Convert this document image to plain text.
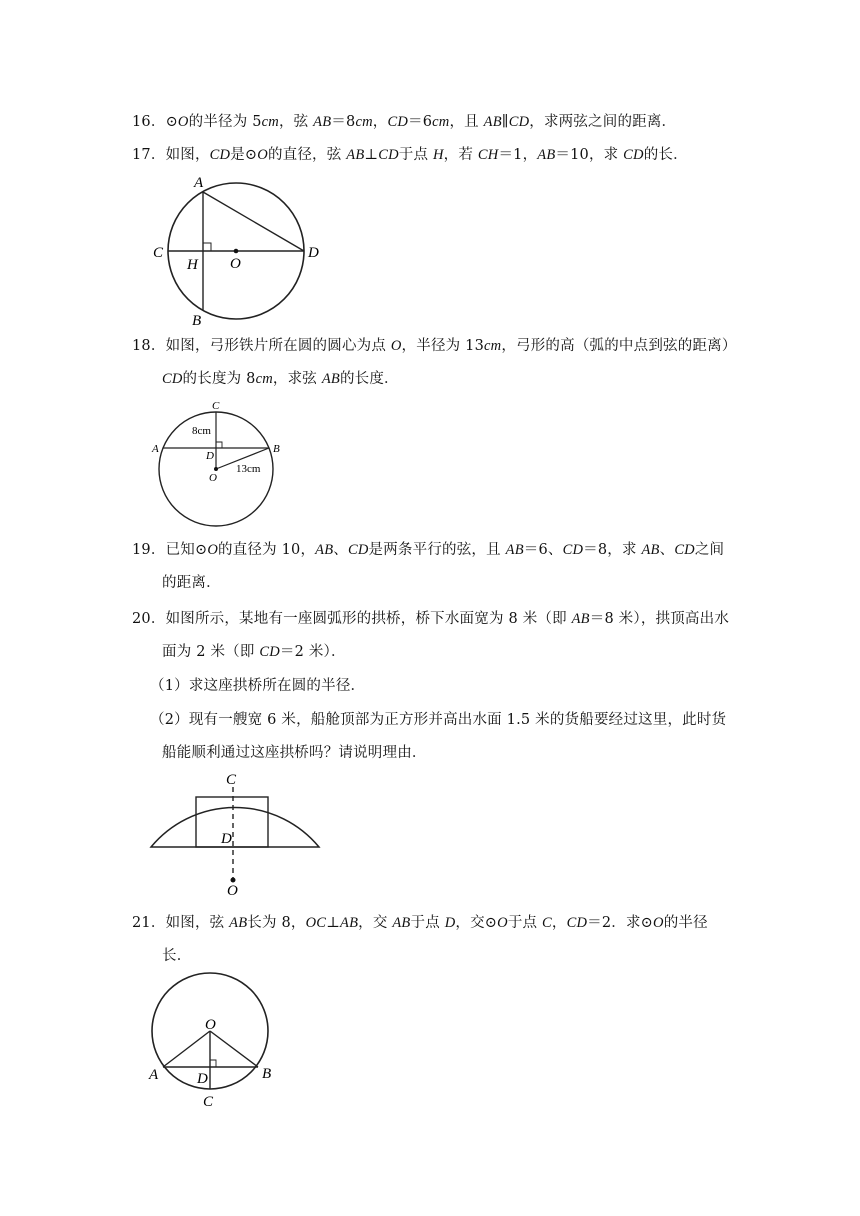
16．⊙O的半径为 5cm，弦 AB＝8cm，CD＝6cm，且 AB∥CD，求两弦之间的距离．
17．如图，CD是⊙O的直径，弦 AB⊥CD于点 H，若 CH＝1，AB＝10，求 CD的长．
A
B
C	D
H O
18．如图，弓形铁片所在圆的圆心为点 O，半径为 13cm，弓形的高（弧的中点到弦的距离）
CD的长度为 8cm，求弦 AB的长度．
C
A	B
D
O
8cm
13cm
19．已知⊙O的直径为 10，AB、CD是两条平行的弦，且 AB＝6、CD＝8，求 AB、CD之间
的距离．
20．如图所示，某地有一座圆弧形的拱桥，桥下水面宽为 8 米（即 AB＝8 米），拱顶高出水
面为 2 米（即 CD＝2 米）．
（1）求这座拱桥所在圆的半径．
（2）现有一艘宽 6 米，船舱顶部为正方形并高出水面 1.5 米的货船要经过这里，此时货
船能顺利通过这座拱桥吗？请说明理由．
C
D
O
21．如图，弦 AB长为 8，OC⊥AB，交 AB于点 D，交⊙O于点 C，CD＝2．求⊙O的半径
长．
O
A	B
D
C
